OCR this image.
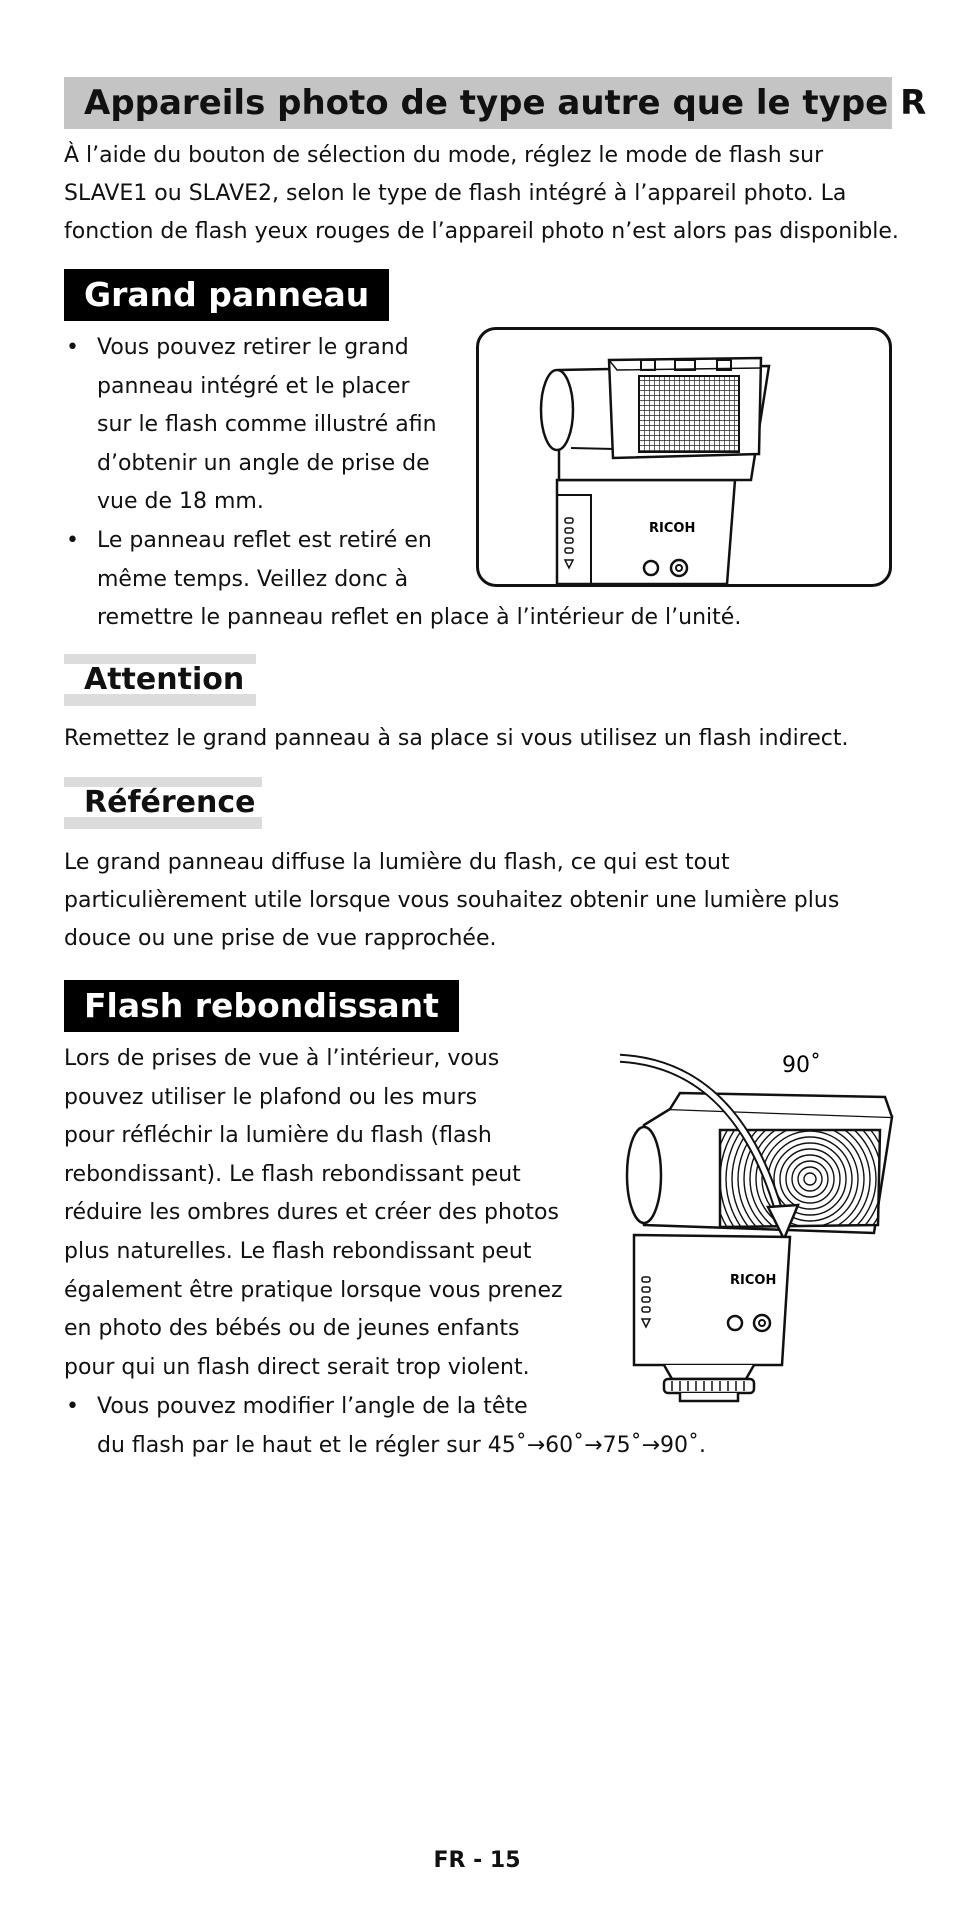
Appareils photo de type autre que le type R

À l’aide du bouton de sélection du mode, réglez le mode de flash sur
SLAVE1 ou SLAVE2, selon le type de flash intégré à l’appareil photo. La
fonction de flash yeux rouges de l’appareil photo n’est alors pas disponible.

Grand panneau
• Vous pouvez retirer le grand
panneau intégré et le placer
sur le flash comme illustré afin
d’obtenir un angle de prise de
vue de 18 mm.
• Le panneau reflet est retiré en
même temps. Veillez donc à
remettre le panneau reflet en place à l’intérieur de l’unité.
RICOH
Attention

Remettez le grand panneau à sa place si vous utilisez un flash indirect.

Référence

Le grand panneau diffuse la lumière du flash, ce qui est tout
particulièrement utile lorsque vous souhaitez obtenir une lumière plus
douce ou une prise de vue rapprochée.

Flash rebondissant

Lors de prises de vue à l’intérieur, vous
pouvez utiliser le plafond ou les murs
pour réfléchir la lumière du flash (flash
rebondissant). Le flash rebondissant peut
réduire les ombres dures et créer des photos
plus naturelles. Le flash rebondissant peut
également être pratique lorsque vous prenez
en photo des bébés ou de jeunes enfants
pour qui un flash direct serait trop violent.

• Vous pouvez modifier l’angle de la tête
du flash par le haut et le régler sur 45˚→60˚→75˚→90˚.
90˚
RICOH
FR - 15
